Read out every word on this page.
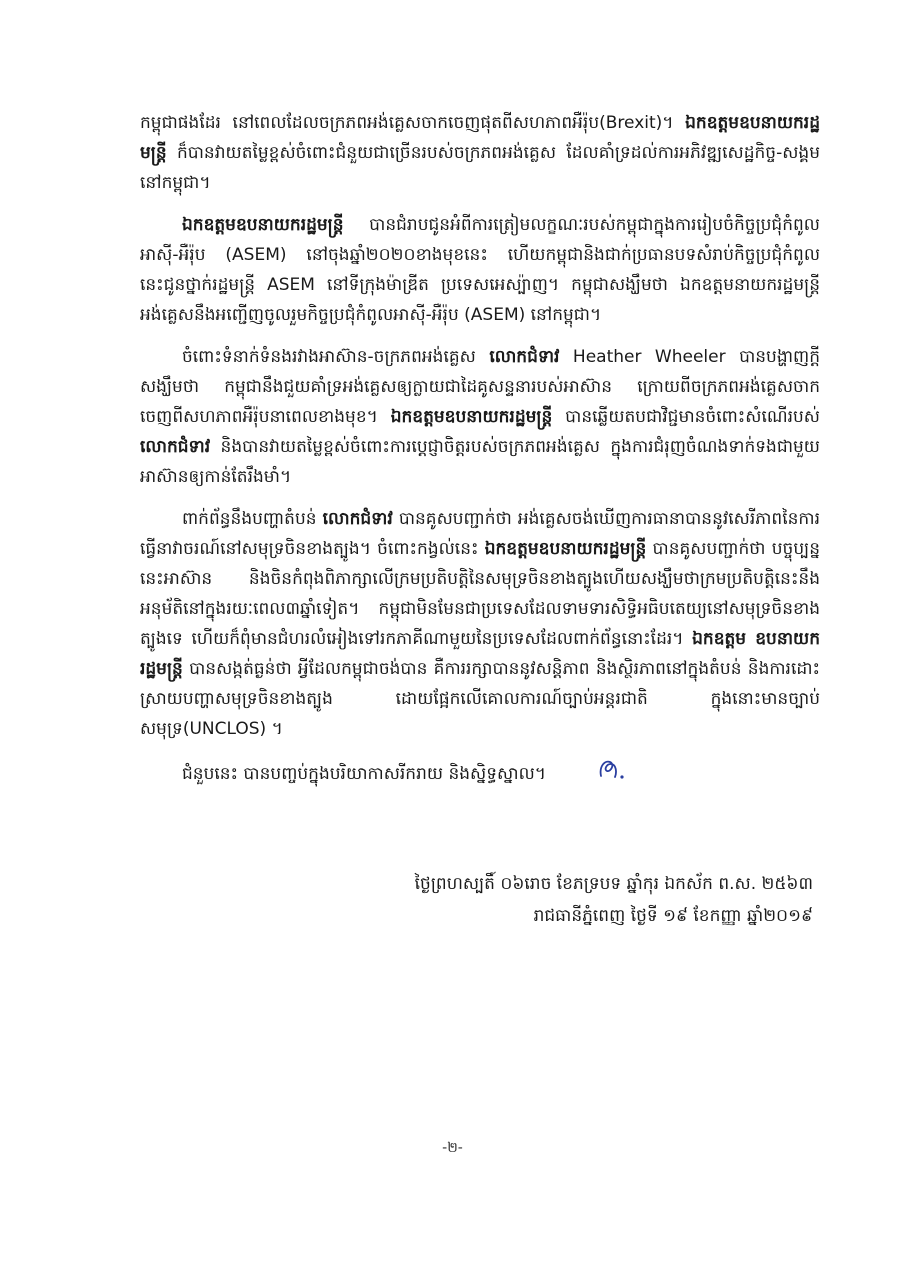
កម្ពុជាផងដែរ នៅពេលដែលចក្រភពអង់គ្លេសចាកចេញផុតពីសហភាពអឺរ៉ុប(Brexit)។ ឯកឧត្តមឧបនាយករដ្ឋមន្ត្រី ក៏បានវាយតម្លៃខ្ពស់ចំពោះជំនួយជាច្រើនរបស់ចក្រភពអង់គ្លេស ដែលគាំទ្រដល់ការអភិវឌ្ឍសេដ្ឋកិច្ច-សង្គម នៅកម្ពុជា។

ឯកឧត្តមឧបនាយករដ្ឋមន្ត្រី បានជំរាបជូនអំពីការត្រៀមលក្ខណៈរបស់កម្ពុជាក្នុងការរៀបចំកិច្ចប្រជុំកំពូលអាស៊ី-អឺរ៉ុប (ASEM) នៅចុងឆ្នាំ២០២០ខាងមុខនេះ ហើយកម្ពុជានិងជាក់ប្រធានបទសំរាប់កិច្ចប្រជុំកំពូលនេះជូនថ្នាក់រដ្ឋមន្ត្រី ASEM នៅទីក្រុងម៉ាឌ្រីត ប្រទេសអេស្ប៉ាញ។ កម្ពុជាសង្ឃឹមថា ឯកឧត្តមនាយករដ្ឋមន្ត្រីអង់គ្លេសនឹងអញ្ជើញចូលរួមកិច្ចប្រជុំកំពូលអាស៊ី-អឺរ៉ុប (ASEM) នៅកម្ពុជា។

ចំពោះទំនាក់ទំនងរវាងអាស៊ាន-ចក្រភពអង់គ្លេស លោកជំទាវ Heather Wheeler បានបង្ហាញក្តីសង្ឃឹមថា កម្ពុជានឹងជួយគាំទ្រអង់គ្លេសឲ្យក្លាយជាដៃគូសន្ទនារបស់អាស៊ាន ក្រោយពីចក្រភពអង់គ្លេសចាកចេញពីសហភាពអឺរ៉ុបនាពេលខាងមុខ។ ឯកឧត្តមឧបនាយករដ្ឋមន្ត្រី បានឆ្លើយតបជាវិជ្ជមានចំពោះសំណើរបស់លោកជំទាវ និងបានវាយតម្លៃខ្ពស់ចំពោះការប្តេជ្ញាចិត្តរបស់ចក្រភពអង់គ្លេស ក្នុងការជំរុញចំណងទាក់ទងជាមួយអាស៊ានឲ្យកាន់តែរឹងមាំ។

ពាក់ព័ន្ធនឹងបញ្ហាតំបន់ លោកជំទាវ បានគូសបញ្ជាក់ថា អង់គ្លេសចង់ឃើញការធានាបាននូវសេរីភាពនៃការធ្វើនាវាចរណ៍នៅសមុទ្រចិនខាងត្បូង។ ចំពោះកង្វល់នេះ ឯកឧត្តមឧបនាយករដ្ឋមន្ត្រី បានគូសបញ្ជាក់ថា បច្ចុប្បន្ននេះអាស៊ាន និងចិនកំពុងពិភាក្សាលើក្រមប្រតិបត្តិនៃសមុទ្រចិនខាងត្បូងហើយសង្ឃឹមថាក្រមប្រតិបត្តិនេះនឹងអនុម័តិនៅក្នុងរយៈពេល៣ឆ្នាំទៀត។ កម្ពុជាមិនមែនជាប្រទេសដែលទាមទារសិទ្ធិអធិបតេយ្យនៅសមុទ្រចិនខាងត្បូងទេ ហើយក៏ពុំមានជំហរលំអៀងទៅរកភាគីណាមួយនៃប្រទេសដែលពាក់ព័ន្ធនោះដែរ។ ឯកឧត្តម ឧបនាយករដ្ឋមន្ត្រី បានសង្កត់ធ្ងន់ថា អ្វីដែលកម្ពុជាចង់បាន គឺការរក្សាបាននូវសន្តិភាព និងស្ថិរភាពនៅក្នុងតំបន់ និងការដោះស្រាយបញ្ហាសមុទ្រចិនខាងត្បូង ដោយផ្អែកលើគោលការណ៍ច្បាប់អន្តរជាតិ ក្នុងនោះមានច្បាប់សមុទ្រ(UNCLOS) ។

ជំនួបនេះ បានបញ្ចប់ក្នុងបរិយាកាសរីករាយ និងស្និទ្ធស្នាល។

ថ្ងៃព្រហស្បតិ៍ ០៦រោច ខែភទ្របទ ឆ្នាំកុរ ឯកស័ក ព.ស. ២៥៦៣
រាជធានីភ្នំពេញ ថ្ងៃទី ១៩ ខែកញ្ញា ឆ្នាំ២០១៩
-២-
